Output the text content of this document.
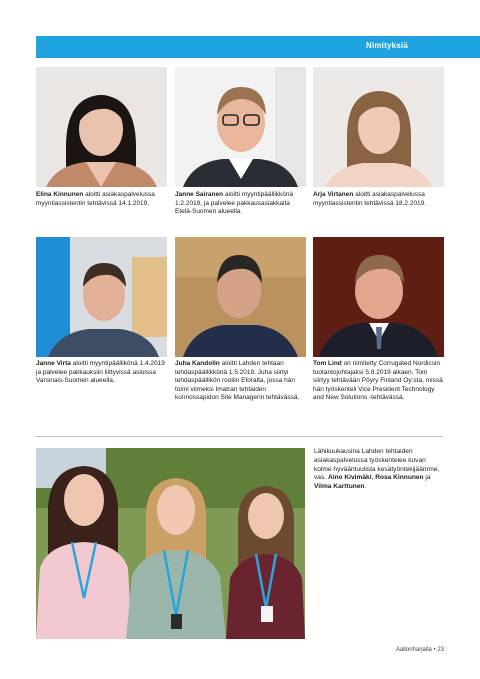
Nimityksiä
Elina Kinnunen aloitti asiakaspalvelussa myyntiassistentin tehtävissä 14.1.2019.
Janne Sairanen aloitti myyntipäällikkönä 1.2.2019, ja palvelee pakkausasiakkaita Etelä-Suomen alueella.
Arja Virtanen aloitti asiakaspalvelussa myyntiassistentin tehtävissä 18.2.2019.
Janne Virta aloitti myyntipäällikönä 1.4.2019 ja palvelee pakkauksiin liittyvissä asioissa Varsinais-Suomen alueella.
Juha Kandolin aloitti Lahden tehtaan tehdaspäällikkönä 1.5.2019. Juha siirtyi tehdaspäällikön rooliin Eforalta, jossa hän toimi viimeksi Imatran tehtaiden kunnossapidon Site Managerin tehtävässä.
Tom Lind on nimitetty Corrugated Nordicsin tuotantojohtajaksi 5.8.2019 alkaen. Tom siirtyy tehtävään Pöyry Finland Oy:sta, missä hän työskenteli Vice President Technology and New Solutions -tehtävässä.
Lähikuukausina Lahden tehtaiden asiakaspalvelussa työskentelee kuvan kolme hyvääntuulista kesätyöntekijäämme, vas. Aino Kivimäki, Rosa Kinnunen ja Vilma Karttunen.
Aallonharjalla • 23
